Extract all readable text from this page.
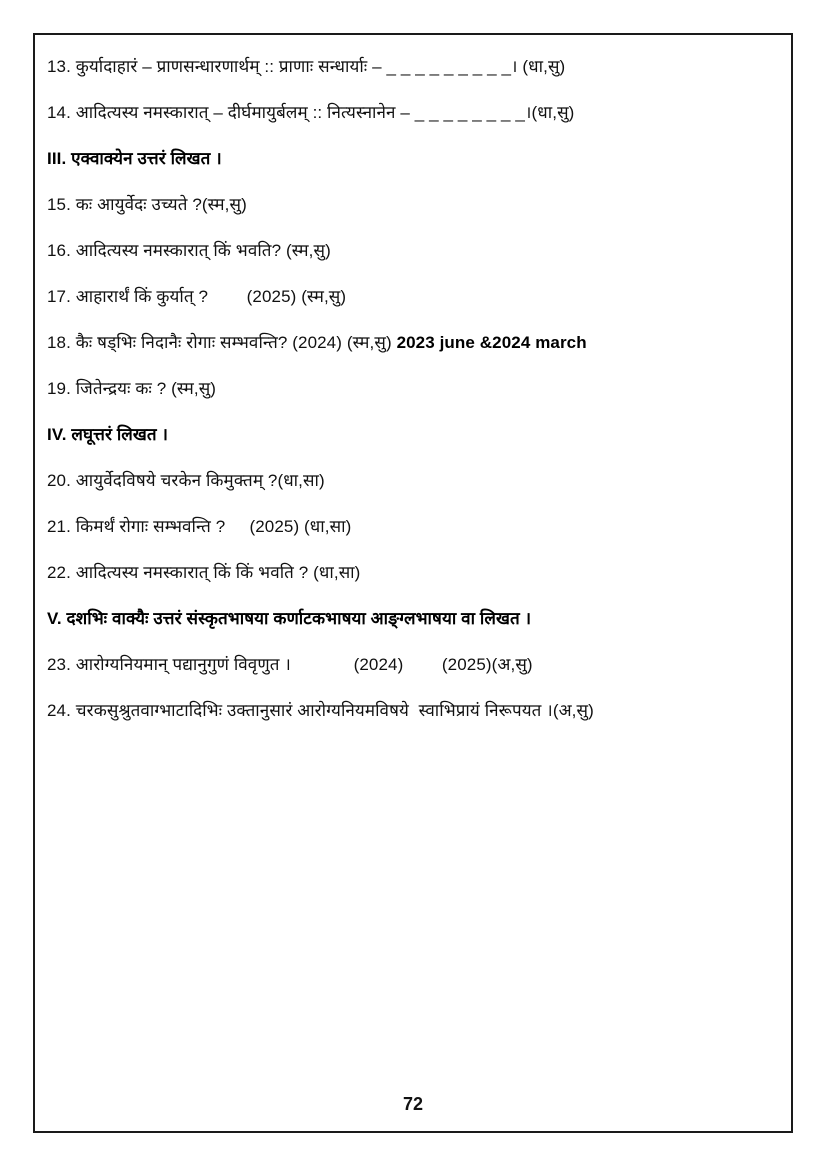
13. कुर्यादाहारं – प्राणसन्धारणार्थम् :: प्राणाः सन्धार्याः – _ _ _ _ _ _ _ _ _। (धा,सु)
14. आदित्यस्य नमस्कारात् – दीर्घमायुर्बलम् :: नित्यस्नानेन – _ _ _ _ _ _ _ _।(धा,सु)
III. एक्वाक्येन उत्तरं लिखत ।
15. कः आयुर्वेदः उच्यते ?(स्म,सु)
16. आदित्यस्य नमस्कारात् किं भवति? (स्म,सु)
17. आहारार्थं किं कुर्यात् ?        (2025) (स्म,सु)
18. कैः षड्भिः निदानैः रोगाः सम्भवन्ति? (2024) (स्म,सु) 2023 june &2024 march
19. जितेन्द्रयः कः ? (स्म,सु)
IV. लघूत्तरं लिखत ।
20. आयुर्वेदविषये चरकेन किमुक्तम् ?(धा,सा)
21. किमर्थं रोगाः सम्भवन्ति ?     (2025) (धा,सा)
22. आदित्यस्य नमस्कारात् किं किं भवति ? (धा,सा)
V. दशभिः वाक्यैः उत्तरं संस्कृतभाषया कर्णाटकभाषया आङ्ग्लभाषया वा लिखत ।
23. आरोग्यनियमान् पद्यानुगुणं विवृणुत ।             (2024)        (2025)(अ,सु)
24. चरकसुश्रुतवाग्भाटादिभिः उक्तानुसारं आरोग्यनियमविषये  स्वाभिप्रायं निरूपयत ।(अ,सु)
72
